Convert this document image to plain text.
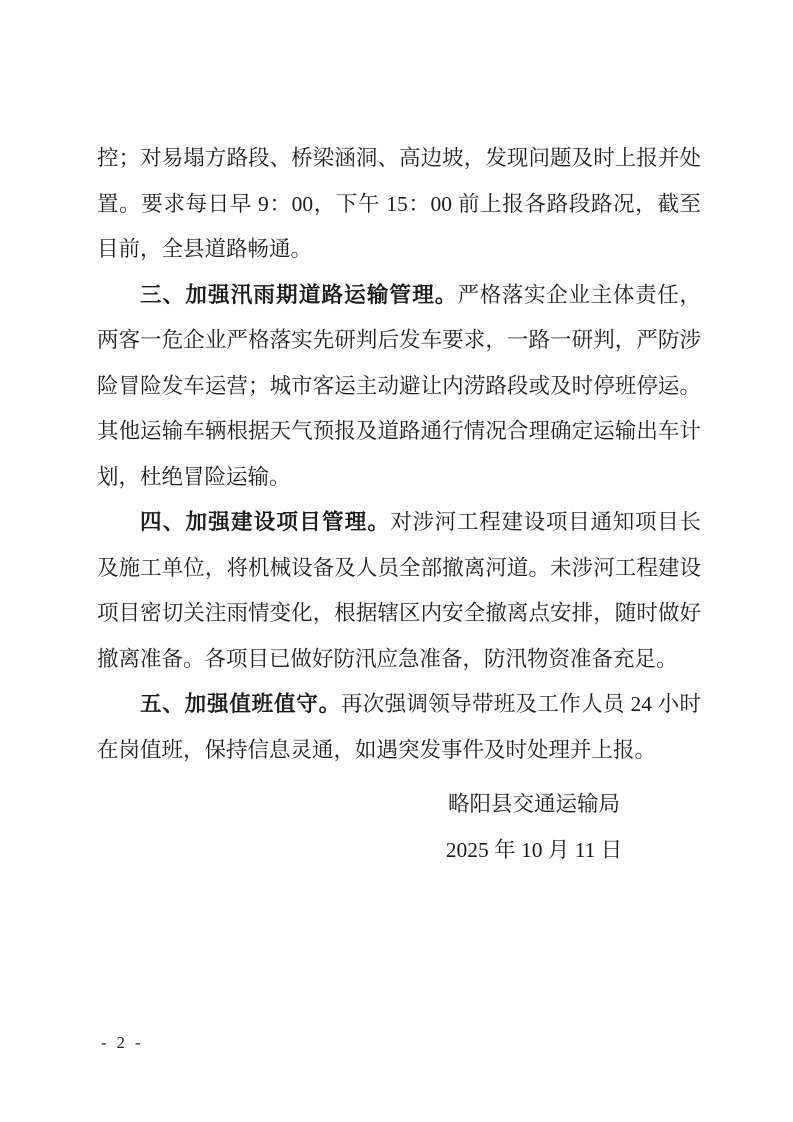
控；对易塌方路段、桥梁涵洞、高边坡，发现问题及时上报并处置。要求每日早 9：00，下午 15：00 前上报各路段路况，截至目前，全县道路畅通。

三、加强汛雨期道路运输管理。严格落实企业主体责任，两客一危企业严格落实先研判后发车要求，一路一研判，严防涉险冒险发车运营；城市客运主动避让内涝路段或及时停班停运。其他运输车辆根据天气预报及道路通行情况合理确定运输出车计划，杜绝冒险运输。

四、加强建设项目管理。对涉河工程建设项目通知项目长及施工单位，将机械设备及人员全部撤离河道。未涉河工程建设项目密切关注雨情变化，根据辖区内安全撤离点安排，随时做好撤离准备。各项目已做好防汛应急准备，防汛物资准备充足。

五、加强值班值守。再次强调领导带班及工作人员 24 小时在岗值班，保持信息灵通，如遇突发事件及时处理并上报。

略阳县交通运输局
2025 年 10 月 11 日
- 2 -
